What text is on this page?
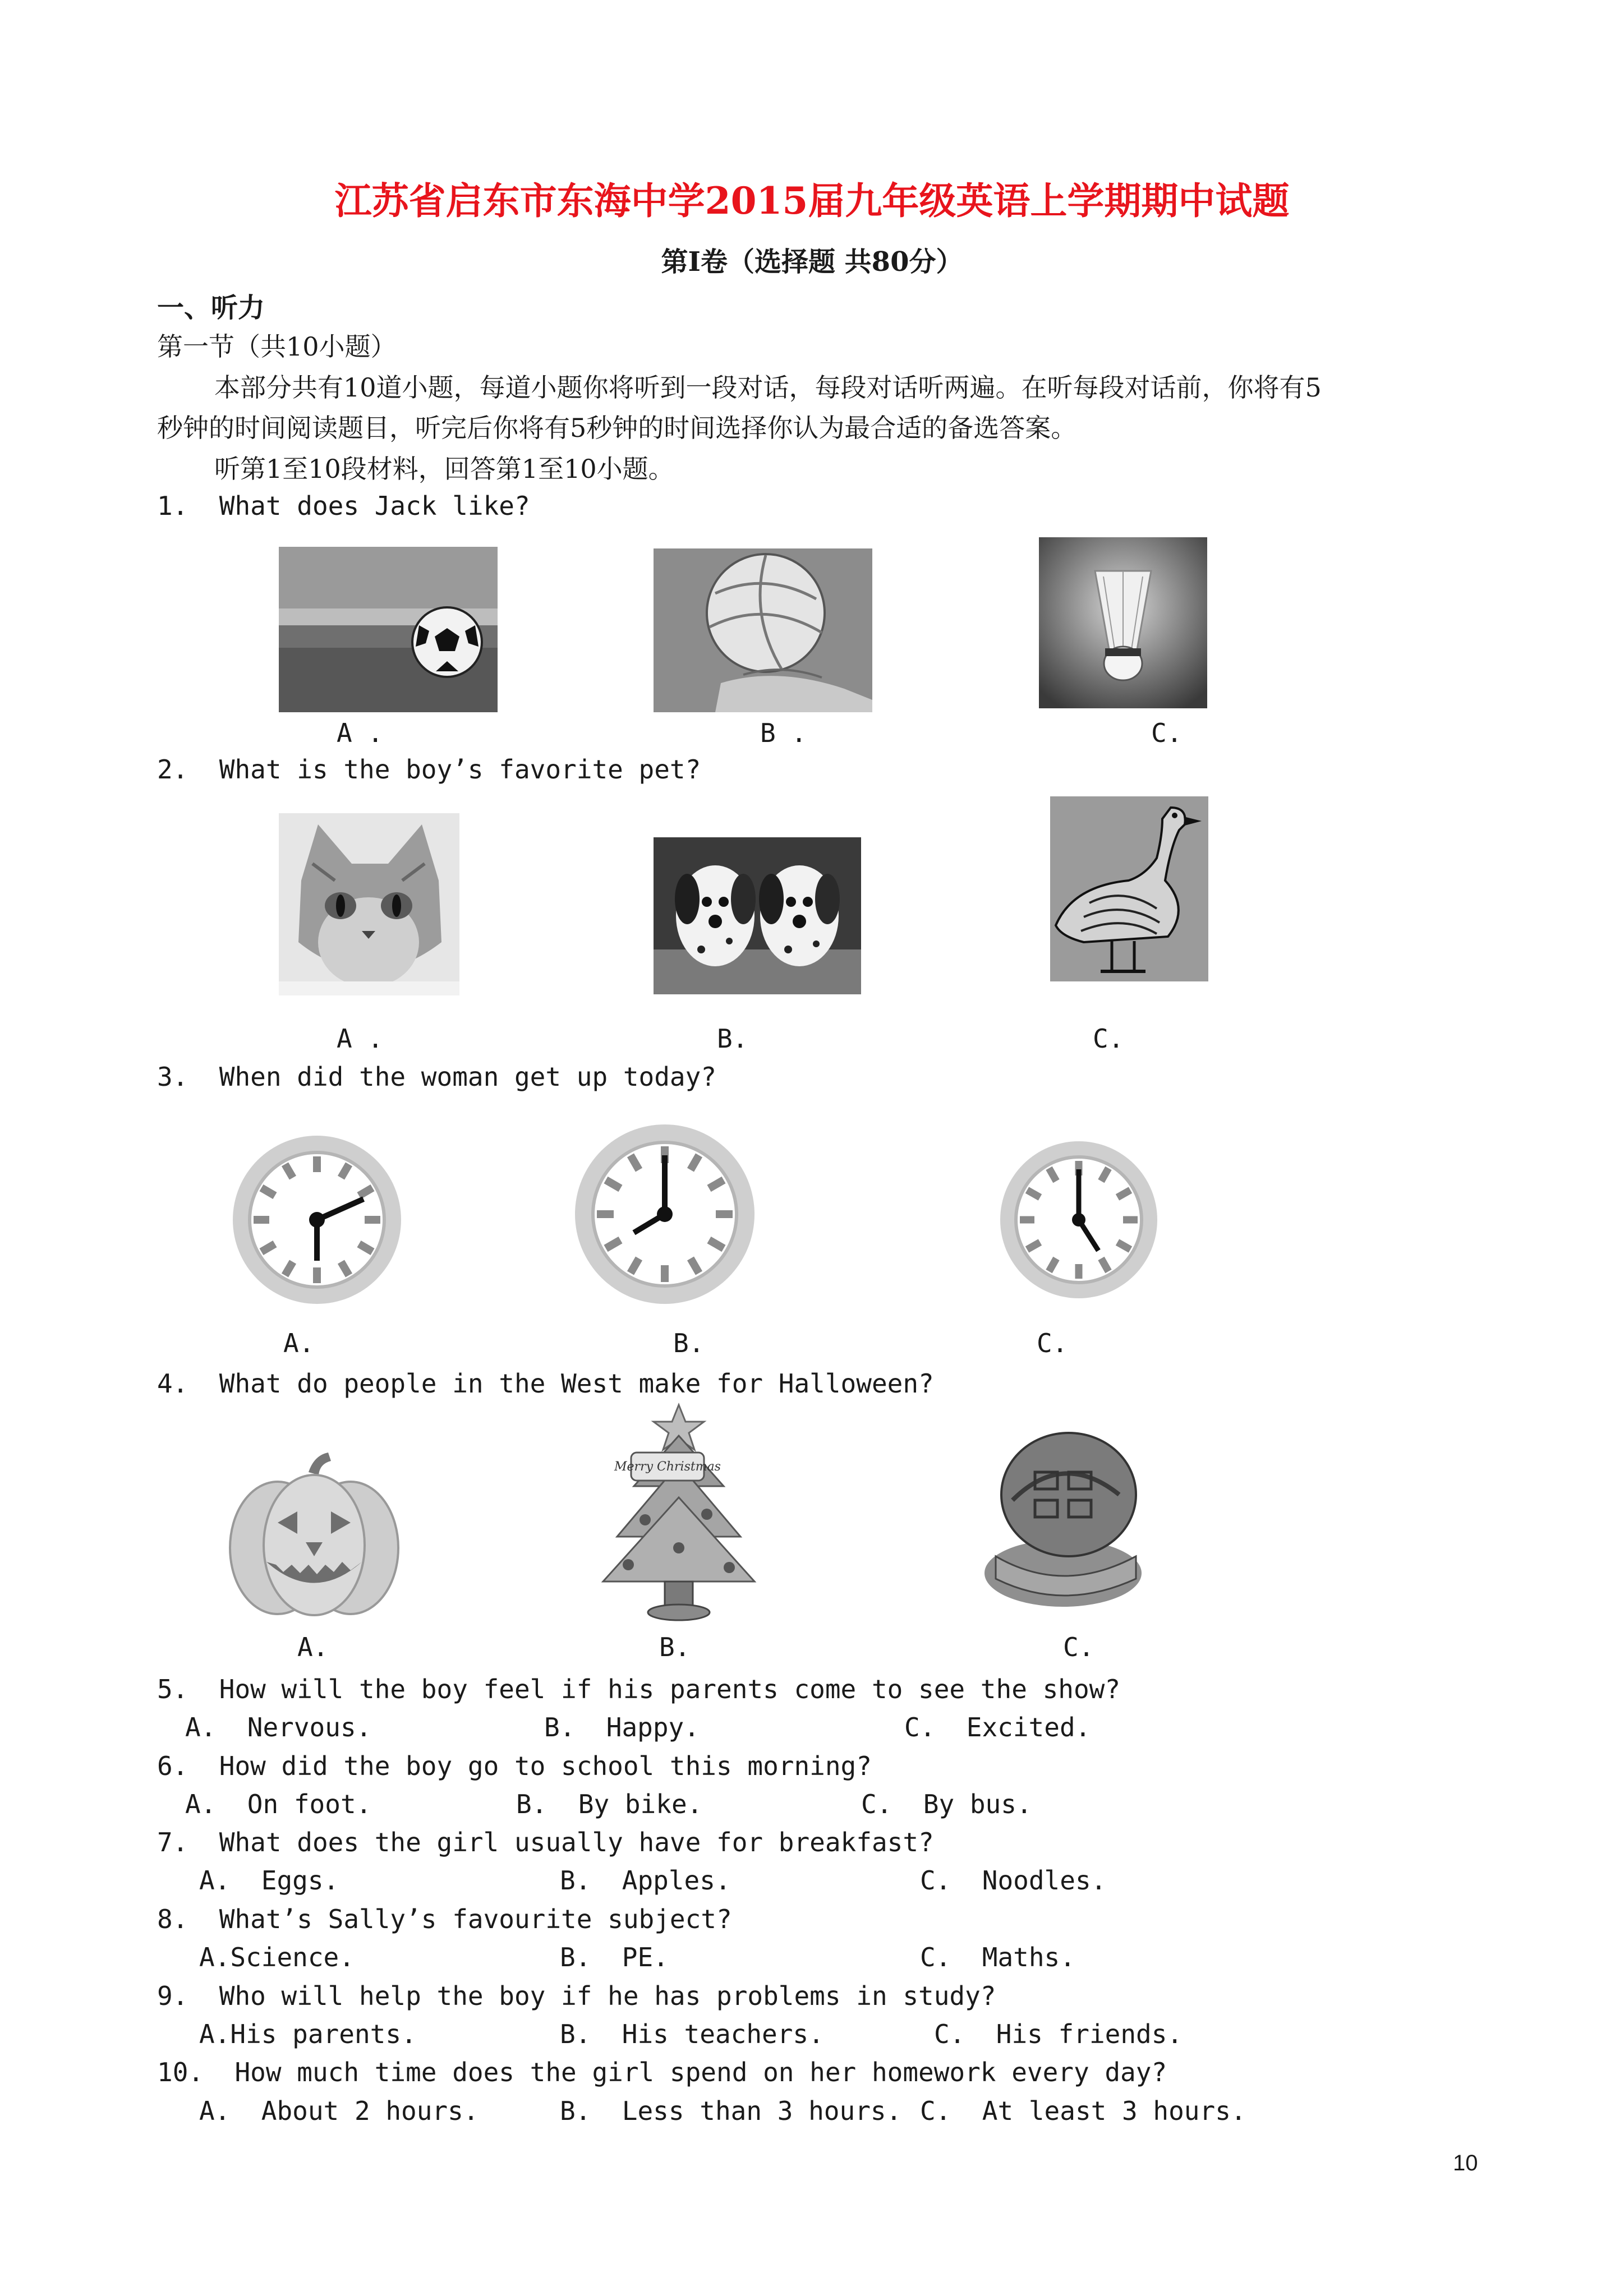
江苏省启东市东海中学2015届九年级英语上学期期中试题
第Ⅰ卷（选择题 共80分）
一、听力
第一节（共10小题）
本部分共有10道小题，每道小题你将听到一段对话，每段对话听两遍。在听每段对话前，你将有5
秒钟的时间阅读题目，听完后你将有5秒钟的时间选择你认为最合适的备选答案。
听第1至10段材料，回答第1至10小题。
1.  What does Jack like?
A .	B .	C.
2.  What is the boy’s favorite pet?
A .	B.	C.
3.  When did the woman get up today?
A.	B.	C.
4.  What do people in the West make for Halloween?
Merry Christmas
A.	B.	C.
5.  How will the boy feel if his parents come to see the show?
A.  Nervous.	B.  Happy.	C.  Excited.
6.  How did the boy go to school this morning?
A.  On foot.	B.  By bike.	C.  By bus.
7.  What does the girl usually have for breakfast?
A.  Eggs.	B.  Apples.	C.  Noodles.
8.  What’s Sally’s favourite subject?
A.Science.	B.  PE.	C.  Maths.
9.  Who will help the boy if he has problems in study?
A.His parents.	B.  His teachers.	C.  His friends.
10.  How much time does the girl spend on her homework every day?
A.  About 2 hours.	B.  Less than 3 hours. C.  At least 3 hours.
10
